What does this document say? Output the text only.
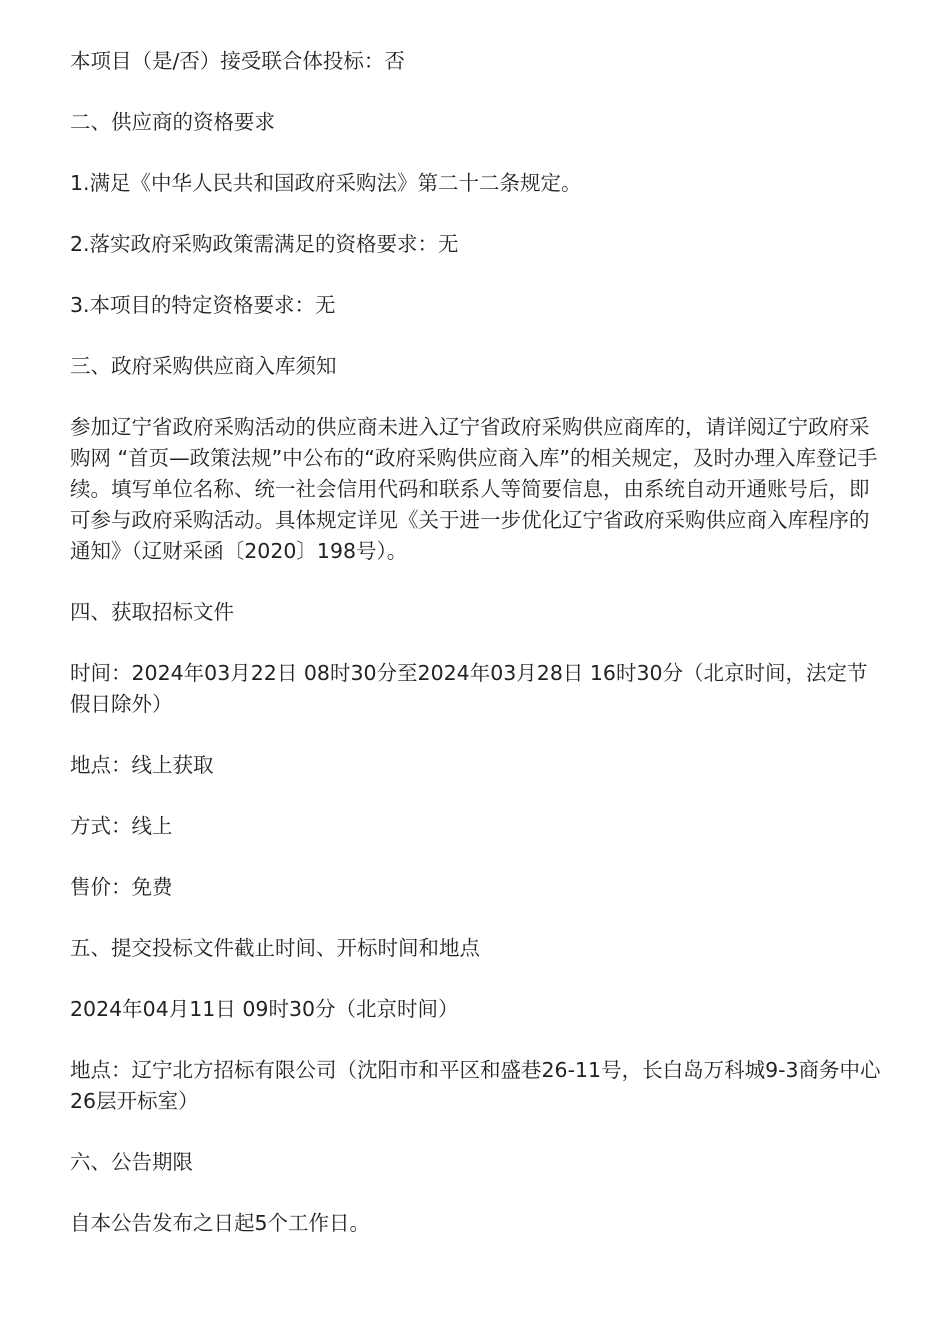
本项目（是/否）接受联合体投标：否

二、供应商的资格要求

1.满足《中华人民共和国政府采购法》第二十二条规定。

2.落实政府采购政策需满足的资格要求：无

3.本项目的特定资格要求：无

三、政府采购供应商入库须知

参加辽宁省政府采购活动的供应商未进入辽宁省政府采购供应商库的，请详阅辽宁政府采购网 “首页—政策法规”中公布的“政府采购供应商入库”的相关规定，及时办理入库登记手续。填写单位名称、统一社会信用代码和联系人等简要信息，由系统自动开通账号后，即可参与政府采购活动。具体规定详见《关于进一步优化辽宁省政府采购供应商入库程序的通知》（辽财采函〔2020〕198号）。

四、获取招标文件

时间：2024年03月22日 08时30分至2024年03月28日 16时30分（北京时间，法定节假日除外）

地点：线上获取

方式：线上

售价：免费

五、提交投标文件截止时间、开标时间和地点

2024年04月11日 09时30分（北京时间）

地点：辽宁北方招标有限公司（沈阳市和平区和盛巷26-11号，长白岛万科城9-3商务中心26层开标室）

六、公告期限

自本公告发布之日起5个工作日。
